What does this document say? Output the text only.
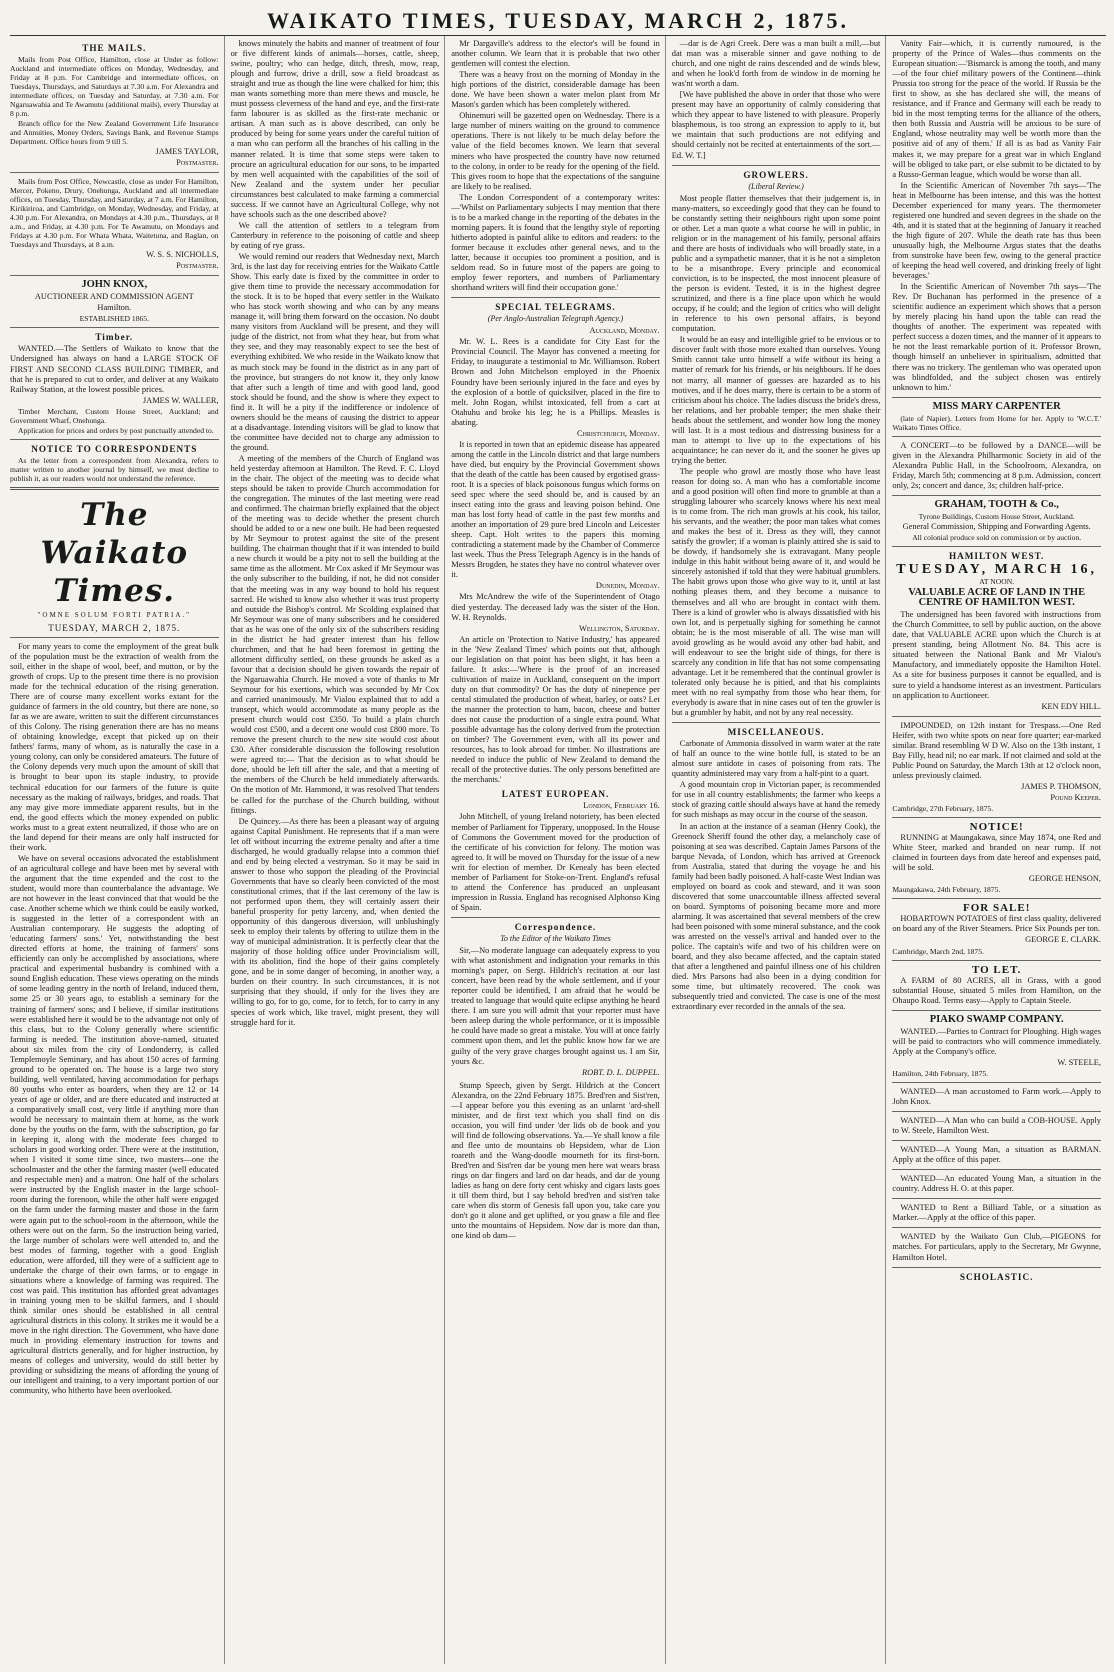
WAIKATO TIMES, TUESDAY, MARCH 2, 1875.
THE MAILS.

Mails from Post Office, Hamilton, close at Under as follow: Auckland and intermediate offices on Monday, Wednesday, and Friday at 8 p.m. For Cambridge and intermediate offices, on Tuesdays, Thursdays, and Saturdays at 7.30 a.m. For Alexandra and intermediate offices, on Tuesday and Saturday, at 7.30 a.m. For Ngaruawahia and Te Awamutu (additional mails), every Thursday at 8 p.m.

Branch office for the New Zealand Government Life Insurance and Annuities, Money Orders, Savings Bank, and Revenue Stamps Department. Office hours from 9 till 5.

JAMES TAYLOR,
Postmaster.

Mails from Post Office, Newcastle, close as under For Hamilton, Mercer, Pokeno, Drury, Onehunga, Auckland and all intermediate offices, on Tuesday, Thursday, and Saturday, at 7 a.m. For Hamilton, Kirikiriroa, and Cambridge, on Monday, Wednesday, and Friday, at 4.30 p.m. For Alexandra, on Mondays at 4.30 p.m., Thursdays, at 8 a.m., and Friday, at 4.30 p.m. For Te Awamutu, on Mondays and Fridays at 4.30 p.m. For Whata Whata, Waitetuna, and Raglan, on Tuesdays and Thursdays, at 8 a.m.

W. S. S. NICHOLLS,
Postmaster.
JOHN KNOX,
AUCTIONEER AND COMMISSION AGENT
Hamilton.
ESTABLISHED 1865.
Timber.

WANTED.—The Settlers of Waikato to know that the Undersigned has always on hand a LARGE STOCK OF FIRST AND SECOND CLASS BUILDING TIMBER, and that he is prepared to cut to order, and deliver at any Waikato Railway Station, at the lowest possible prices.

JAMES W. WALLER,

Timber Merchant, Custom House Street, Auckland; and Government Wharf, Onehunga.

Application for prices and orders by post punctually attended to.

NOTICE TO CORRESPONDENTS

As the letter from a correspondent from Alexandra, refers to matter written to another journal by himself, we must decline to publish it, as our readers would not understand the reference.

The Waikato Times.
"OMNE SOLUM FORTI PATRIA."
TUESDAY, MARCH 2, 1875.

For many years to come the employment of the great bulk of the population must be the extraction of wealth from the soil, either in the shape of wool, beef, and mutton, or by the growth of crops. Up to the present time there is no provision made for the technical education of the rising generation. There are of course many excellent works extant for the guidance of farmers in the old country, but there are none, so far as we are aware, written to suit the different circumstances of this Colony. The rising generation there are has no means of obtaining knowledge, except that picked up on their fathers' farms, many of whom, as is naturally the case in a young colony, can only be considered amateurs. The future of the Colony depends very much upon the amount of skill that is brought to bear upon its staple industry, to provide technical education for our farmers of the future is quite necessary as the making of railways, bridges, and roads. That any may give more immediate apparent results, but in the end, the good effects which the money expended on public works must to a great extent neutralized, if those who are on the land depend for their means are only half instructed for their work.

We have on several occasions advocated the establishment of an agricultural college and have been met by several with the argument that the time expended and the cost to the student, would more than counterbalance the advantage. We are not however in the least convinced that that would be the case. Another scheme which we think could be easily worked, is suggested in the letter of a correspondent with an Australian contemporary. He suggests the adopting of 'educating farmers' sons.' Yet, notwithstanding the best directed efforts at home, the training of farmers' sons efficiently can only be accomplished by associations, where practical and experimental husbandry is combined with a sound English education. These views operating on the minds of some leading gentry in the north of Ireland, induced them, some 25 or 30 years ago, to establish a seminary for the training of farmers' sons; and I believe, if similar institutions were established here it would be to the advantage not only of this class, but to the Colony generally where scientific farming is needed. The institution above-named, situated about six miles from the city of Londonderry, is called Templemoyle Seminary, and has about 150 acres of farming ground to be operated on. The house is a large two story building, well ventilated, having accommodation for perhaps 80 youths who enter as boarders, when they are 12 or 14 years of age or older, and are there educated and instructed at a comparatively small cost, very little if anything more than would be necessary to maintain them at home, as the work done by the youths on the farm, with the subscription, go far in keeping it, along with the moderate fees charged to scholars in good working order. There were at the institution, when I visited it some time since, two masters—one the schoolmaster and the other the farming master (well educated and respectable men) and a matron. One half of the scholars were instructed by the English master in the large school-room during the forenoon, while the other half were engaged on the farm under the farming master and those in the farm were again put to the school-room in the afternoon, while the others were out on the farm. So the instruction being varied, the large number of scholars were well attended to, and the best modes of farming, together with a good English education, were afforded, till they were of a sufficient age to undertake the charge of their own farms, or to engage in situations where a knowledge of farming was required. The cost was paid. This institution has afforded great advantages in training young men to be skilful farmers, and I should think similar ones should be established in all central agricultural districts in this colony. It strikes me it would be a move in the right direction. The Government, who have done much in providing elementary instruction for towns and agricultural districts generally, and for higher instruction, by means of colleges and university, would do still better by providing or subsidizing the means of affording the young of our intelligent and training, to a very important portion of our community, who hitherto have been overlooked.

knows minutely the habits and manner of treatment of four or five different kinds of animals—horses, cattle, sheep, swine, poultry; who can hedge, ditch, thresh, mow, reap, plough and furrow, drive a drill, sow a field broadcast as straight and true as though the line were chalked for him; this man wants something more than mere thews and muscle, he must possess cleverness of the hand and eye, and the first-rate farm labourer is as skilled as the first-rate mechanic or artisan. A man such as is above described, can only be produced by being for some years under the careful tuition of a man who can perform all the branches of his calling in the manner related. It is time that some steps were taken to procure an agricultural education for our sons, to be imparted by men well acquainted with the capabilities of the soil of New Zealand and the system under her peculiar circumstances best calculated to make farming a commercial success. If we cannot have an Agricultural College, why not have schools such as the one described above?

We call the attention of settlers to a telegram from Canterbury in reference to the poisoning of cattle and sheep by eating of rye grass.

We would remind our readers that Wednesday next, March 3rd, is the last day for receiving entries for the Waikato Cattle Show. This early date is fixed by the committee in order to give them time to provide the necessary accommodation for the stock. It is to be hoped that every settler in the Waikato who has stock worth showing and who can by any means manage it, will bring them forward on the occasion. No doubt many visitors from Auckland will be present, and they will judge of the district, not from what they hear, but from what they see, and they may reasonably expect to see the best of everything exhibited. We who reside in the Waikato know that as much stock may be found in the district as in any part of the province, but strangers do not know it, they only know that after such a length of time and with good land, good stock should be found, and the show is where they expect to find it. It will be a pity if the indifference or indolence of owners should be the means of causing the district to appear at a disadvantage. Intending visitors will be glad to know that the committee have decided not to charge any admission to the ground.

A meeting of the members of the Church of England was held yesterday afternoon at Hamilton. The Revd. F. C. Lloyd in the chair. The object of the meeting was to decide what steps should be taken to provide Church accommodation for the congregation. The minutes of the last meeting were read and confirmed. The chairman briefly explained that the object of the meeting was to decide whether the present church should be added to or a new one built. He had been requested by Mr Seymour to protest against the site of the present building. The chairman thought that if it was intended to build a new church it would be a pity not to sell the building at the same time as the allotment. Mr Cox asked if Mr Seymour was the only subscriber to the building, if not, he did not consider that the meeting was in any way bound to hold his request sacred. He wished to know also whether it was trust property and outside the Bishop's control. Mr Scolding explained that Mr Seymour was one of many subscribers and he considered that as he was one of the only six of the subscribers residing in the district he had greater interest than his fellow churchmen, and that he had been foremost in getting the allotment difficulty settled, on these grounds he asked as a favour that a decision should be given towards the repair of the Ngaruawahia Church. He moved a vote of thanks to Mr Seymour for his exertions, which was seconded by Mr Cox and carried unanimously. Mr Vialou explained that to add a transept, which would accommodate as many people as the present church would cost £350. To build a plain church would cost £500, and a decent one would cost £800 more. To remove the present church to the new site would cost about £30. After considerable discussion the following resolution were agreed to:— That the decision as to what should be done, should be left till after the sale, and that a meeting of the members of the Church be held immediately afterwards. On the motion of Mr. Hammond, it was resolved That tenders be called for the purchase of the Church building, without fittings.

De Quincey.—As there has been a pleasant way of arguing against Capital Punishment. He represents that if a man were let off without incurring the extreme penalty and after a time discharged, he would gradually relapse into a common thief and end by being elected a vestryman. So it may be said in answer to those who support the pleading of the Provincial Governments that have so clearly been convicted of the most constitutional crimes, that if the last ceremony of the law is not performed upon them, they will certainly assert their baneful prosperity for petty larceny, and, when denied the opportunity of this dangerous diversion, will unblushingly seek to employ their talents by offering to utilize them in the way of municipal administration. It is perfectly clear that the majority of those holding office under Provincialism will, with its abolition, find the hope of their gains completely gone, and be in some danger of becoming, in another way, a burden on their country. In such circumstances, it is not surprising that they should, if only for the lives they are willing to go, for to go, come, for to fetch, for to carry in any species of work which, like travel, might present, they will struggle hard for it.

Mr Dargaville's address to the elector's will be found in another column. We learn that it is probable that two other gentlemen will contest the election.

There was a heavy frost on the morning of Monday in the high portions of the district, considerable damage has been done. We have been shown a water melon plant from Mr Mason's garden which has been completely withered.

Ohinemuri will be gazetted open on Wednesday. There is a large number of miners waiting on the ground to commence operations. There is not likely to be much delay before the value of the field becomes known. We learn that several miners who have prospected the country have now returned to the colony, in order to be ready for the opening of the field. This gives room to hope that the expectations of the sanguine are likely to be realised.

The London Correspondent of a contemporary writes:—'Whilst on Parliamentary subjects I may mention that there is to be a marked change in the reporting of the debates in the morning papers. It is found that the lengthy style of reporting hitherto adopted is painful alike to editors and readers: to the former because it excludes other general news, and to the latter, because it occupies too prominent a position, and is seldom read. So in future most of the papers are going to employ fewer reporters, and numbers of Parliamentary shorthand writers will find their occupation gone.'

SPECIAL TELEGRAMS.
(Per Anglo-Australian Telegraph Agency.)
Auckland, Monday.

Mr. W. L. Rees is a candidate for City East for the Provincial Council. The Mayor has convened a meeting for Friday, to inaugurate a testimonial to Mr. Williamson. Robert Brown and John Mitchelson employed in the Phoenix Foundry have been seriously injured in the face and eyes by the explosion of a bottle of quicksilver, placed in the fire to melt. John Rogan, whilst intoxicated, fell from a cart at Otahuhu and broke his leg; he is a Phillips. Measles is abating.

Christchurch, Monday.

It is reported in town that an epidemic disease has appeared among the cattle in the Lincoln district and that large numbers have died, but enquiry by the Provincial Government shows that the death of the cattle has been caused by ergotised grass-root. It is a species of black poisonous fungus which forms on seed spec where the seed should be, and is caused by an insect eating into the grass and leaving poison behind. One man has lost forty head of cattle in the past few months and another an importation of 29 pure bred Lincoln and Leicester sheep. Capt. Holt writes to the papers this morning contradicting a statement made by the Chamber of Commerce last week. Thus the Press Telegraph Agency is in the hands of Messrs Brogden, he states they have no control whatever over it.

Dunedin, Monday.

Mrs McAndrew the wife of the Superintendent of Otago died yesterday. The deceased lady was the sister of the Hon. W. H. Reynolds.

Wellington, Saturday.

An article on 'Protection to Native Industry,' has appeared in the 'New Zealand Times' which points out that, although our legislation on that point has been slight, it has been a failure. It asks:—'Where is the proof of an increased cultivation of maize in Auckland, consequent on the import duty on that commodity? Or has the duty of ninepence per cental stimulated the production of wheat, barley, or oats? Let the manner the protection to ham, bacon, cheese and butter does not cause the production of a single extra pound. What possible advantage has the colony derived from the protection on timber? The Government even, with all its power and resources, has to look abroad for timber. No illustrations are needed to induce the public of New Zealand to demand the recall of the protective duties. The only persons benefitted are the merchants.'

LATEST EUROPEAN.
London, February 16.

John Mitchell, of young Ireland notoriety, has been elected member of Parliament for Tipperary, unopposed. In the House of Commons the Government moved for the production of the certificate of his conviction for felony. The motion was agreed to. It will be moved on Thursday for the issue of a new writ for election of member. Dr Kenealy has been elected member of Parliament for Stoke-on-Trent. England's refusal to attend the Conference has produced an unpleasant impression in Russia. England has recognised Alphonso King of Spain.

Correspondence.
To the Editor of the Waikato Times

Sir,—No moderate language can adequately express to you with what astonishment and indignation your remarks in this morning's paper, on Sergt. Hildrich's recitation at our last concert, have been read by the whole settlement, and if your reporter could be identified, I am afraid that he would be treated to language that would quite eclipse anything he heard there. I am sure you will admit that your reporter must have been asleep during the whole performance, or it is impossible he could have made so great a mistake. You will at once fairly comment upon them, and let the public know how far we are guilty of the very grave charges brought against us. I am Sir, yours &c.

ROBT. D. L. DUPPEL.

Stump Speech, given by Sergt. Hildrich at the Concert Alexandra, on the 22nd February 1875. Bred'ren and Sist'ren,—I appear before you this evening as an unlarnt 'ard-shell minister, and de first text which you shall find on dis occasion, you will find under 'der lids ob de book and you will find de following observations. Ya.—Ye shall know a file and flee unto de mountains ob Hepsidem, whar de Lion roareth and the Wang-doodle mourneth for its first-born. Bred'ren and Sist'ren dar be young men here wat wears brass rings on dar fingers and lard on dar heads, and dar de young ladies as hang on dere forty cent whisky and cigars lasts goes it till them third, but I say behold bred'ren and sist'ren take care when dis storm of Genesis fall upon you, take care you don't go it alone and get uplifted, or you gnaw a file and flee unto the mountains of Hepsidem. Now dar is more dan than, one kind ob dam—

—dar is de Agri Creek. Dere was a man built a mill,—but dat man was a miserable sinner and gave nothing to de church, and one night de rains descended and de winds blew, and when he look'd forth from de window in de morning he was'nt worth a dam.

[We have published the above in order that those who were present may have an opportunity of calmly considering that which they appear to have listened to with pleasure. Properly blasphemous, is too strong an expression to apply to it, but we maintain that such productions are not edifying and should certainly not be recited at entertainments of the sort.—Ed. W. T.]

GROWLERS.
(Liberal Review.)

Most people flatter themselves that their judgement is, in many-matters, so exceedingly good that they can be found to be constantly setting their neighbours right upon some point or other. Let a man quote a what course he will in public, in religion or in the management of his family, personal affairs and there are hosts of individuals who will broadly state, in a public and a sympathetic manner, that it is he not a simpleton to be a misanthrope. Every principle and economical conviction, is to be inspected, the most innocent pleasure of the person is evident. Tested, it is in the highest degree scrutinized, and there is a fine place upon which he would occupy, if he could; and the legion of critics who will delight in reference to his own personal affairs, is beyond computation.

It would be an easy and intelligible grief to be envious or to discover fault with those more exalted than ourselves. Young Smith cannot take unto himself a wife without its being a matter of remark for his friends, or his neighbours. If he does not marry, all manner of guesses are hazarded as to his motives, and if he does marry, there is certain to be a storm of criticism about his choice. The ladies discuss the bride's dress, her relations, and her probable temper; the men shake their heads about the settlement, and wonder how long the money will last. It is a most tedious and distressing business for a man to attempt to live up to the expectations of his acquaintance; he can never do it, and the sooner he gives up trying the better.

The people who growl are mostly those who have least reason for doing so. A man who has a comfortable income and a good position will often find more to grumble at than a struggling labourer who scarcely knows where his next meal is to come from. The rich man growls at his cook, his tailor, his servants, and the weather; the poor man takes what comes and makes the best of it. Dress as they will, they cannot satisfy the growler; if a woman is plainly attired she is said to be dowdy, if handsomely she is extravagant. Many people indulge in this habit without being aware of it, and would be sincerely astonished if told that they were habitual grumblers. The habit grows upon those who give way to it, until at last nothing pleases them, and they become a nuisance to themselves and all who are brought in contact with them. There is a kind of growler who is always dissatisfied with his own lot, and is perpetually sighing for something he cannot obtain; he is the most miserable of all. The wise man will avoid growling as he would avoid any other bad habit, and will endeavour to see the bright side of things, for there is scarcely any condition in life that has not some compensating advantage. Let it be remembered that the continual growler is tolerated only because he is pitied, and that his complaints meet with no real sympathy from those who hear them, for everybody is aware that in nine cases out of ten the growler is but a grumbler by habit, and not by any real necessity.

MISCELLANEOUS.

Carbonate of Ammonia dissolved in warm water at the rate of half an ounce to the wine bottle full, is stated to be an almost sure antidote in cases of poisoning from rats. The quantity administered may vary from a half-pint to a quart.

A good mountain crop in Victorian paper, is recommended for use in all country establishments; the farmer who keeps a stock of grazing cattle should always have at hand the remedy for such mishaps as may occur in the course of the season.

In an action at the instance of a seaman (Henry Cook), the Greenock Sheriff found the other day, a melancholy case of poisoning at sea was described. Captain James Parsons of the barque Nevada, of London, which has arrived at Greenock from Australia, stated that during the voyage he and his family had been badly poisoned. A half-caste West Indian was employed on board as cook and steward, and it was soon discovered that some unaccountable illness affected several on board. Symptoms of poisoning became more and more alarming. It was ascertained that several members of the crew had been poisoned with some mineral substance, and the cook was arrested on the vessel's arrival and handed over to the police. The captain's wife and two of his children were on board, and they also became affected, and the captain stated that after a lengthened and painful illness one of his children died. Mrs Parsons had also been in a dying condition for some time, but ultimately recovered. The cook was subsequently tried and convicted. The case is one of the most extraordinary ever recorded in the annals of the sea.

Vanity Fair—which, it is currently rumoured, is the property of the Prince of Wales—thus comments on the European situation:—'Bismarck is among the tooth, and many—of the four chief military powers of the Continent—think Prussia too strong for the peace of the world. If Russia be the first to show, as she has declared she will, the means of resistance, and if France and Germany will each be ready to bid in the most tempting terms for the alliance of the others, then both Russia and Austria will be anxious to be sure of England, whose neutrality may well be worth more than the positive aid of any of them.' If all is as bad as Vanity Fair makes it, we may prepare for a great war in which England will be obliged to take part, or else submit to be dictated to by a Russo-German league, which would be worse than all.

In the Scientific American of November 7th says—'The heat in Melbourne has been intense, and this was the hottest December experienced for many years. The thermometer registered one hundred and seven degrees in the shade on the 4th, and it is stated that at the beginning of January it reached the high figure of 207. While the death rate has thus been unusually high, the Melbourne Argus states that the deaths from sunstroke have been few, owing to the general practice of keeping the head well covered, and drinking freely of light beverages.'

In the Scientific American of November 7th says—'The Rev. Dr Buchanan has performed in the presence of a scientific audience an experiment which shows that a person by merely placing his hand upon the table can read the thoughts of another. The experiment was repeated with perfect success a dozen times, and the manner of it appears to be not the least remarkable portion of it. Professor Brown, though himself an unbeliever in spiritualism, admitted that there was no trickery. The gentleman who was operated upon was blindfolded, and the subject chosen was entirely unknown to him.'

MISS MARY CARPENTER

(late of Napier). Letters from Home for her. Apply to 'W.C.T.' Waikato Times Office.

A CONCERT—to be followed by a DANCE—will be given in the Alexandra Philharmonic Society in aid of the Alexandra Public Hall, in the Schoolroom, Alexandra, on Friday, March 5th; commencing at 8 p.m. Admission, concert only, 2s; concert and dance, 3s; children half-price.

GRAHAM, TOOTH & Co.,
Tyrone Buildings, Custom House Street, Auckland.
General Commission, Shipping and Forwarding Agents.
All colonial produce sold on commission or by auction.
HAMILTON WEST.
TUESDAY, MARCH 16,
AT NOON.
VALUABLE ACRE OF LAND IN THE CENTRE OF HAMILTON WEST.

The undersigned has been favored with instructions from the Church Committee, to sell by public auction, on the above date, that VALUABLE ACRE upon which the Church is at present standing, being Allotment No. 84. This acre is situated between the National Bank and Mr Vialou's Manufactory, and immediately opposite the Hamilton Hotel. As a site for business purposes it cannot be equalled, and is sure to yield a handsome interest as an investment. Particulars on application to Auctioneer.

KEN EDY HILL.

IMPOUNDED, on 12th instant for Trespass.—One Red Heifer, with two white spots on near fore quarter; ear-marked similar. Brand resembling W D W. Also on the 13th instant, 1 Bay Filly, head nil; no ear mark. If not claimed and sold at the Public Pound on Saturday, the March 13th at 12 o'clock noon, unless previously claimed.

JAMES P. THOMSON,
Pound Keeper.
Cambridge, 27th February, 1875.
NOTICE!

RUNNING at Maungakawa, since May 1874, one Red and White Steer, marked and branded on near rump. If not claimed in fourteen days from date hereof and expenses paid, will be sold.

GEORGE HENSON,
Maungakawa, 24th February, 1875.
FOR SALE!

HOBARTOWN POTATOES of first class quality, delivered on board any of the River Steamers. Price Six Pounds per ton.

GEORGE E. CLARK.
Cambridge, March 2nd, 1875.
TO LET.

A FARM of 80 ACRES, all in Grass, with a good substantial House, situated 5 miles from Hamilton, on the Ohaupo Road. Terms easy—Apply to Captain Steele.

PIAKO SWAMP COMPANY.

WANTED.—Parties to Contract for Ploughing. High wages will be paid to contractors who will commence immediately. Apply at the Company's office.

W. STEELE,
Hamilton, 24th February, 1875.

WANTED—A man accustomed to Farm work.—Apply to John Knox.

WANTED—A Man who can build a COB-HOUSE. Apply to W. Steele, Hamilton West.

WANTED—A Young Man, a situation as BARMAN. Apply at the office of this paper.

WANTED—An educated Young Man, a situation in the country. Address H. O. at this paper.

WANTED to Rent a Billiard Table, or a situation as Marker.—Apply at the office of this paper.

WANTED by the Waikato Gun Club,—PIGEONS for matches. For particulars, apply to the Secretary, Mr Gwynne, Hamilton Hotel.

SCHOLASTIC.
